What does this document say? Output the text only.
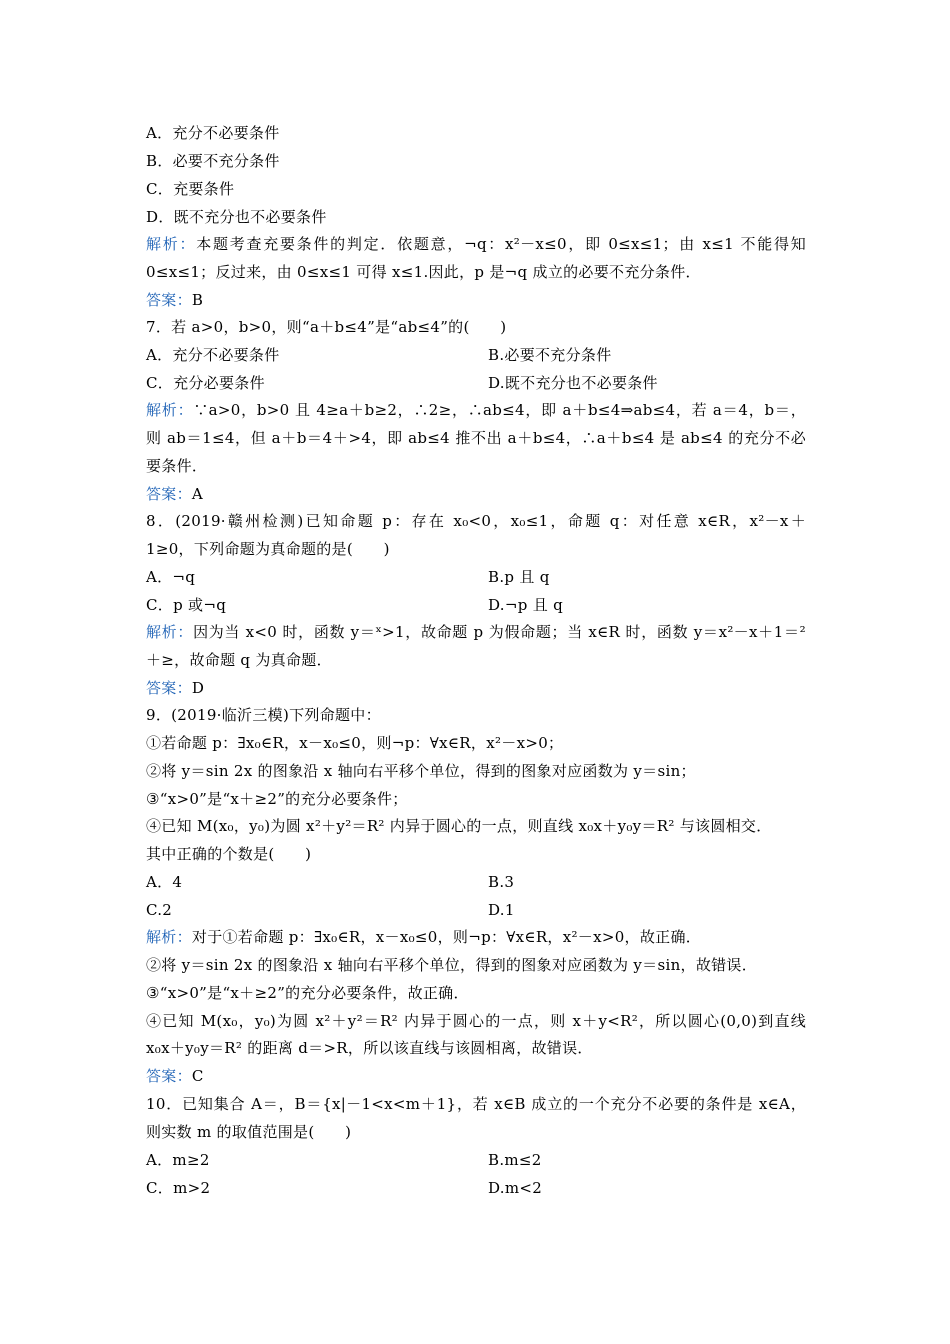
A．充分不必要条件
B．必要不充分条件
C．充要条件
D．既不充分也不必要条件
解析：本题考查充要条件的判定．依题意，¬q：x²－x≤0，即 0≤x≤1；由 x≤1 不能得知
0≤x≤1；反过来，由 0≤x≤1 可得 x≤1.因此，p 是¬q 成立的必要不充分条件．
答案：B
7．若 a>0，b>0，则“a＋b≤4”是“ab≤4”的(　　)
A．充分不必要条件	B.必要不充分条件
C．充分必要条件	D.既不充分也不必要条件
解析：∵a>0，b>0 且 4≥a＋b≥2，∴2≥，∴ab≤4，即 a＋b≤4⇒ab≤4，若 a＝4，b＝，
则 ab＝1≤4，但 a＋b＝4＋>4，即 ab≤4 推不出 a＋b≤4，∴a＋b≤4 是 ab≤4 的充分不必
要条件．
答案：A
8．(2019·赣州检测)已知命题 p：存在 x₀<0，x₀≤1，命题 q：对任意 x∈R，x²－x＋
1≥0，下列命题为真命题的是(　　)
A．¬q	B.p 且 q
C．p 或¬q	D.¬p 且 q
解析：因为当 x<0 时，函数 y＝ˣ>1，故命题 p 为假命题；当 x∈R 时，函数 y＝x²－x＋1＝²
＋≥，故命题 q 为真命题．
答案：D
9．(2019·临沂三模)下列命题中：
①若命题 p：∃x₀∈R，x－x₀≤0，则¬p：∀x∈R，x²－x>0；
②将 y＝sin 2x 的图象沿 x 轴向右平移个单位，得到的图象对应函数为 y＝sin；
③“x>0”是“x＋≥2”的充分必要条件；
④已知 M(x₀，y₀)为圆 x²＋y²＝R² 内异于圆心的一点，则直线 x₀x＋y₀y＝R² 与该圆相交．
其中正确的个数是(　　)
A．4	B.3
C.2	D.1
解析：对于①若命题 p：∃x₀∈R，x－x₀≤0，则¬p：∀x∈R，x²－x>0，故正确．
②将 y＝sin 2x 的图象沿 x 轴向右平移个单位，得到的图象对应函数为 y＝sin，故错误．
③“x>0”是“x＋≥2”的充分必要条件，故正确．
④已知 M(x₀，y₀)为圆 x²＋y²＝R² 内异于圆心的一点，则 x＋y<R²，所以圆心(0,0)到直线
x₀x＋y₀y＝R² 的距离 d＝>R，所以该直线与该圆相离，故错误．
答案：C
10．已知集合 A＝，B＝{x|－1<x<m＋1}，若 x∈B 成立的一个充分不必要的条件是 x∈A，
则实数 m 的取值范围是(　　)
A．m≥2	B.m≤2
C．m>2	D.m<2
